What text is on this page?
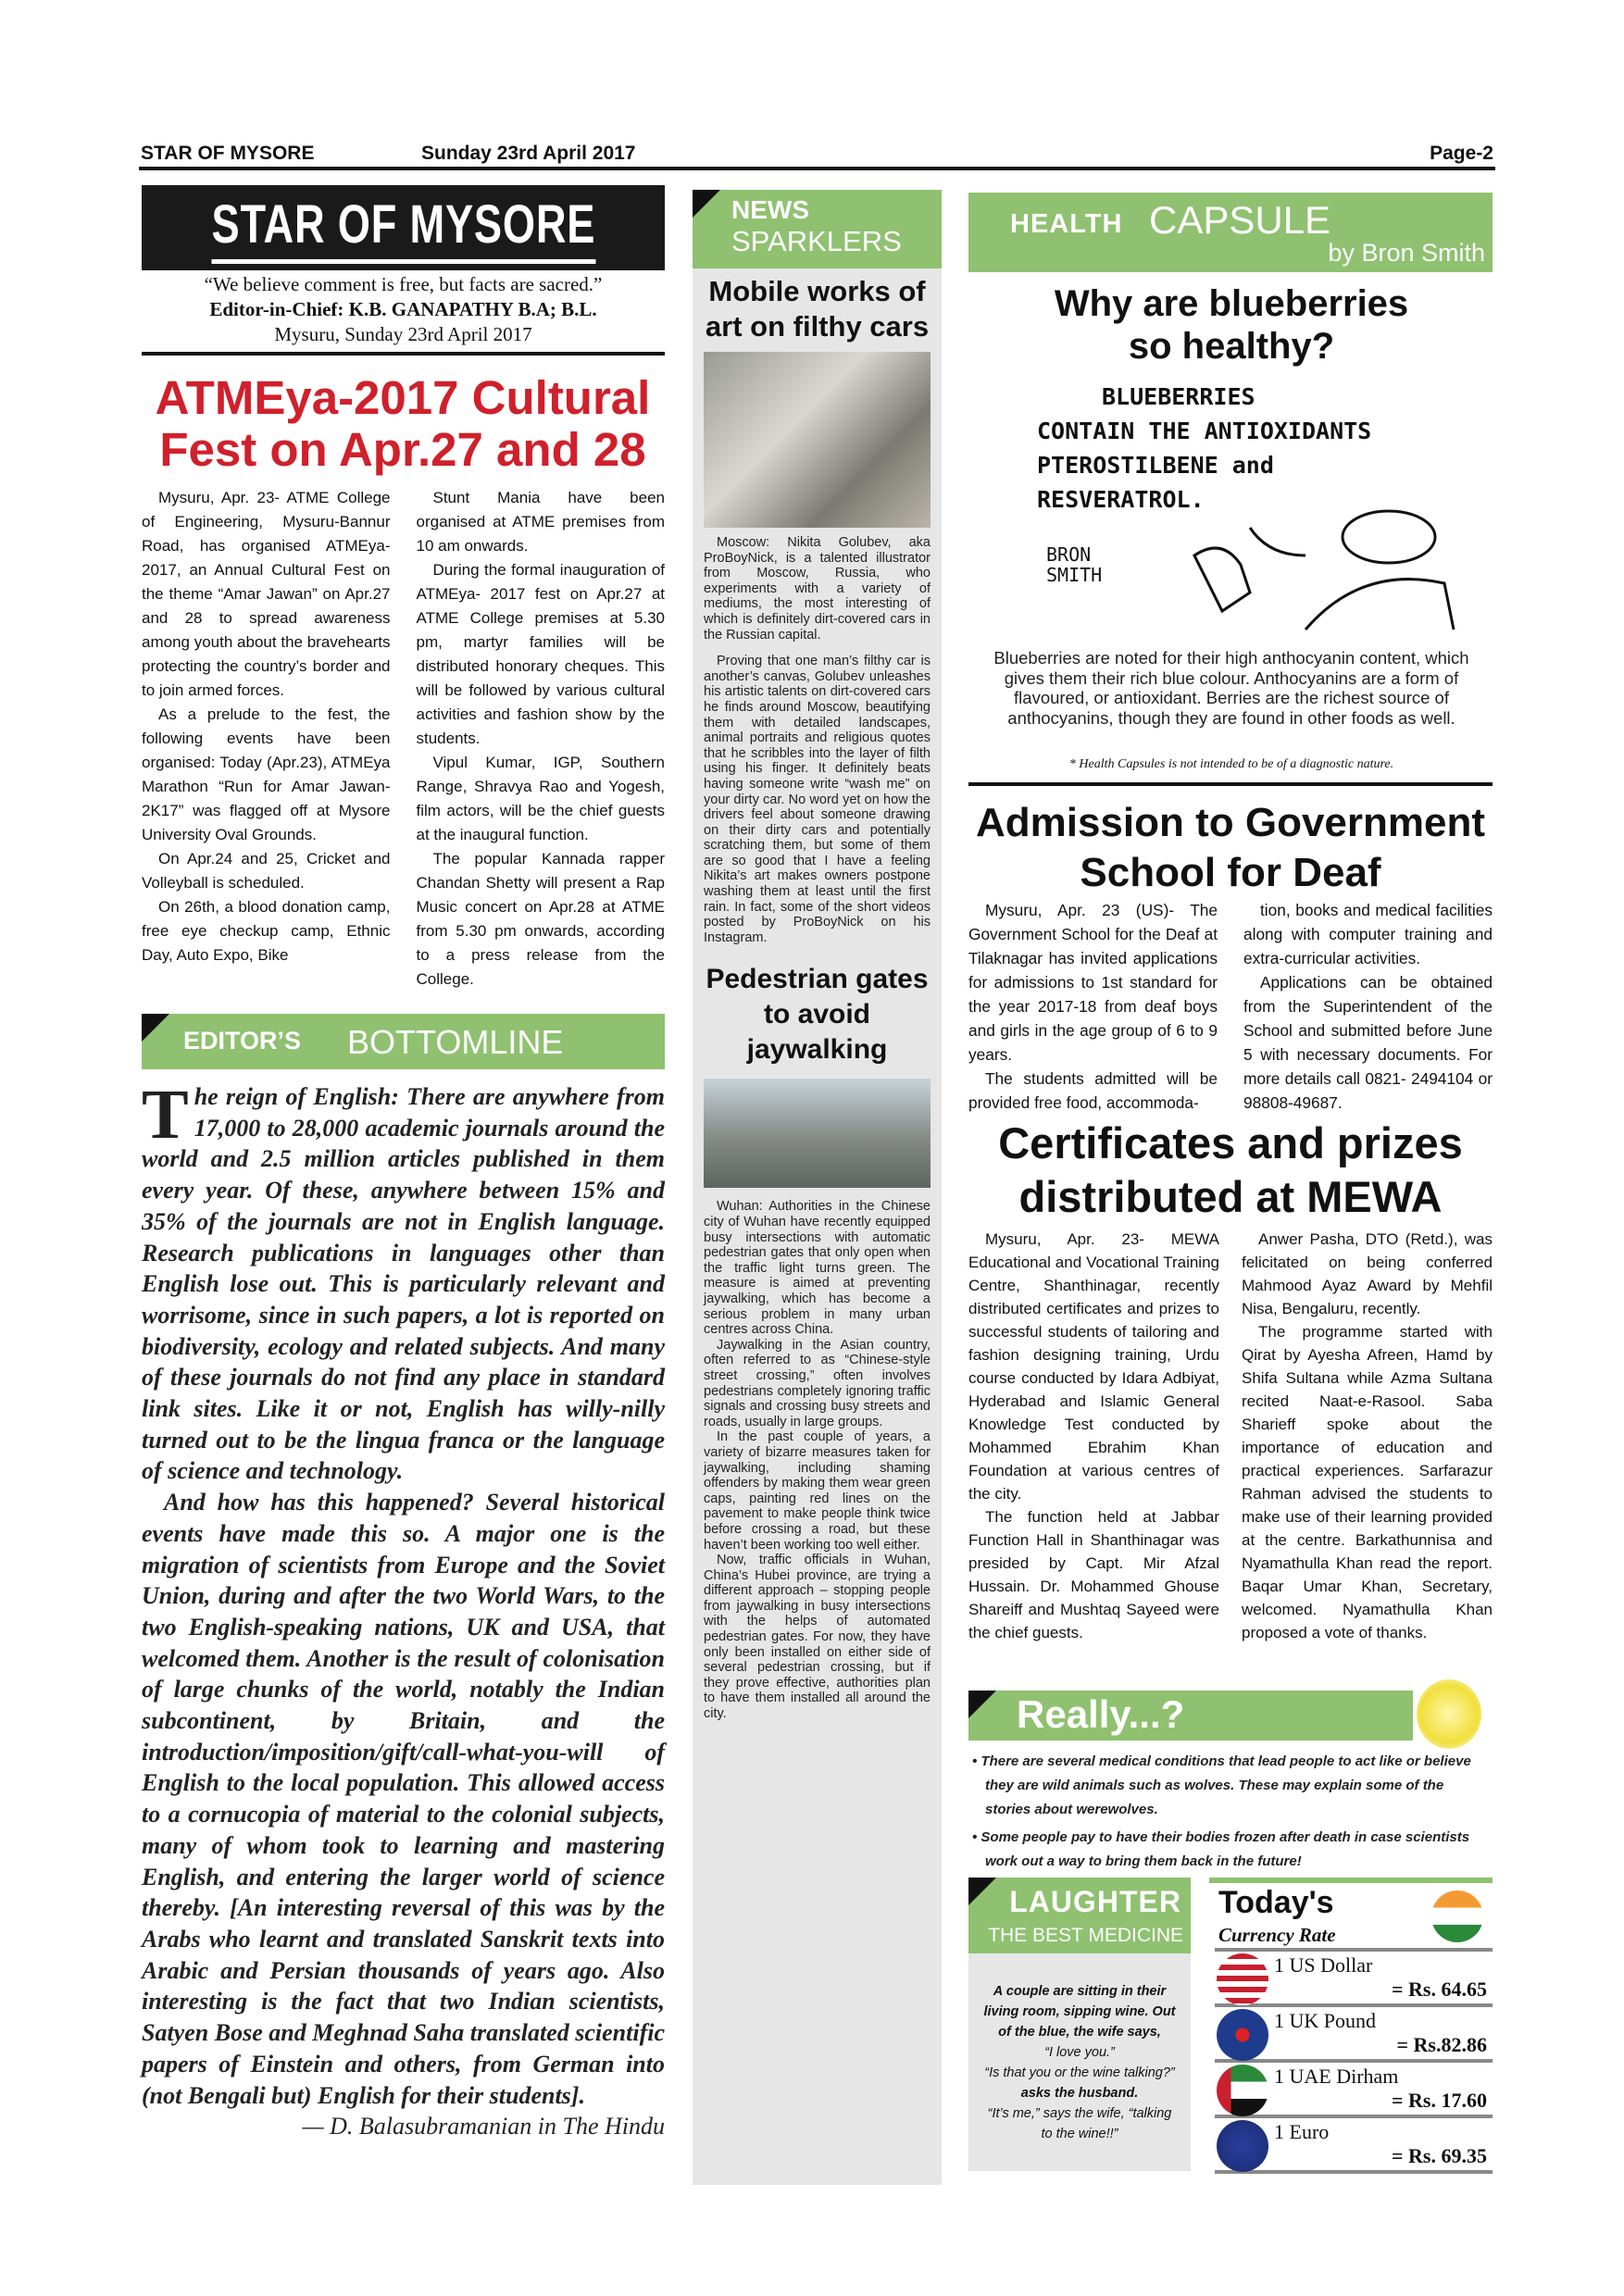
STAR OF MYSORE	Sunday 23rd April 2017	Page-2
STAR OF MYSORE
“We believe comment is free, but facts are sacred.”
Editor-in-Chief: K.B. GANAPATHY B.A; B.L.
Mysuru, Sunday 23rd April 2017
ATMEya-2017 Cultural Fest on Apr.27 and 28

Mysuru, Apr. 23- ATME College of Engineering, Mysuru-Bannur Road, has organised ATMEya-2017, an Annual Cultural Fest on the theme “Amar Jawan” on Apr.27 and 28 to spread awareness among youth about the bravehearts protecting the country’s border and to join armed forces.

As a prelude to the fest, the following events have been organised: Today (Apr.23), ATMEya Marathon “Run for Amar Jawan- 2K17” was flagged off at Mysore University Oval Grounds.

On Apr.24 and 25, Cricket and Volleyball is scheduled.

On 26th, a blood donation camp, free eye checkup camp, Ethnic Day, Auto Expo, Bike

Stunt Mania have been organised at ATME premises from 10 am onwards.

During the formal inauguration of ATMEya- 2017 fest on Apr.27 at ATME College premises at 5.30 pm, martyr families will be distributed honorary cheques. This will be followed by various cultural activities and fashion show by the students.

Vipul Kumar, IGP, Southern Range, Shravya Rao and Yogesh, film actors, will be the chief guests at the inaugural function.

The popular Kannada rapper Chandan Shetty will present a Rap Music concert on Apr.28 at ATME from 5.30 pm onwards, according to a press release from the College.

EDITOR’S BOTTOMLINE

The reign of English: There are anywhere from 17,000 to 28,000 academic journals around the world and 2.5 million articles published in them every year. Of these, anywhere between 15% and 35% of the journals are not in English language. Research publications in languages other than English lose out. This is particularly relevant and worrisome, since in such papers, a lot is reported on biodiversity, ecology and related subjects. And many of these journals do not find any place in standard link sites. Like it or not, English has willy-nilly turned out to be the lingua franca or the language of science and technology.

And how has this happened? Several historical events have made this so. A major one is the migration of scientists from Europe and the Soviet Union, during and after the two World Wars, to the two English-speaking nations, UK and USA, that welcomed them. Another is the result of colonisation of large chunks of the world, notably the Indian subcontinent, by Britain, and the introduction/imposition/gift/call-what-you-will of English to the local population. This allowed access to a cornucopia of material to the colonial subjects, many of whom took to learning and mastering English, and entering the larger world of science thereby. [An interesting reversal of this was by the Arabs who learnt and translated Sanskrit texts into Arabic and Persian thousands of years ago. Also interesting is the fact that two Indian scientists, Satyen Bose and Meghnad Saha translated scientific papers of Einstein and others, from German into (not Bengali but) English for their students].

— D. Balasubramanian in The Hindu

NEWS
SPARKLERS
Mobile works of art on filthy cars

Moscow: Nikita Golubev, aka ProBoyNick, is a talented illustrator from Moscow, Russia, who experiments with a variety of mediums, the most interesting of which is definitely dirt-covered cars in the Russian capital.

Proving that one man’s filthy car is another’s canvas, Golubev unleashes his artistic talents on dirt-covered cars he finds around Moscow, beautifying them with detailed landscapes, animal portraits and religious quotes that he scribbles into the layer of filth using his finger. It definitely beats having someone write “wash me” on your dirty car. No word yet on how the drivers feel about someone drawing on their dirty cars and potentially scratching them, but some of them are so good that I have a feeling Nikita’s art makes owners postpone washing them at least until the first rain. In fact, some of the short videos posted by ProBoyNick on his Instagram.

Pedestrian gates to avoid jaywalking

Wuhan: Authorities in the Chinese city of Wuhan have recently equipped busy intersections with automatic pedestrian gates that only open when the traffic light turns green. The measure is aimed at preventing jaywalking, which has become a serious problem in many urban centres across China.

Jaywalking in the Asian country, often referred to as “Chinese-style street crossing,” often involves pedestrians completely ignoring traffic signals and crossing busy streets and roads, usually in large groups.

In the past couple of years, a variety of bizarre measures taken for jaywalking, including shaming offenders by making them wear green caps, painting red lines on the pavement to make people think twice before crossing a road, but these haven’t been working too well either.

Now, traffic officials in Wuhan, China’s Hubei province, are trying a different approach – stopping people from jaywalking in busy intersections with the helps of automated pedestrian gates. For now, they have only been installed on either side of several pedestrian crossing, but if they prove effective, authorities plan to have them installed all around the city.

HEALTH CAPSULE
by Bron Smith
Why are blueberries so healthy?
BLUEBERRIES
CONTAIN THE ANTIOXIDANTS
PTEROSTILBENE and
RESVERATROL.
BRON SMITH
Blueberries are noted for their high anthocyanin content, which gives them their rich blue colour. Anthocyanins are a form of flavoured, or antioxidant. Berries are the richest source of anthocyanins, though they are found in other foods as well.
* Health Capsules is not intended to be of a diagnostic nature.
Admission to Government School for Deaf

Mysuru, Apr. 23 (US)- The Government School for the Deaf at Tilaknagar has invited applications for admissions to 1st standard for the year 2017-18 from deaf boys and girls in the age group of 6 to 9 years.

The students admitted will be provided free food, accommoda-

tion, books and medical facilities along with computer training and extra-curricular activities.

Applications can be obtained from the Superintendent of the School and submitted before June 5 with necessary documents. For more details call 0821- 2494104 or 98808-49687.

Certificates and prizes distributed at MEWA

Mysuru, Apr. 23- MEWA Educational and Vocational Training Centre, Shanthinagar, recently distributed certificates and prizes to successful students of tailoring and fashion designing training, Urdu course conducted by Idara Adbiyat, Hyderabad and Islamic General Knowledge Test conducted by Mohammed Ebrahim Khan Foundation at various centres of the city.

The function held at Jabbar Function Hall in Shanthinagar was presided by Capt. Mir Afzal Hussain. Dr. Mohammed Ghouse Shareiff and Mushtaq Sayeed were the chief guests.

Anwer Pasha, DTO (Retd.), was felicitated on being conferred Mahmood Ayaz Award by Mehfil Nisa, Bengaluru, recently.

The programme started with Qirat by Ayesha Afreen, Hamd by Shifa Sultana while Azma Sultana recited Naat-e-Rasool. Saba Sharieff spoke about the importance of education and practical experiences. Sarfarazur Rahman advised the students to make use of their learning provided at the centre. Barkathunnisa and Nyamathulla Khan read the report. Baqar Umar Khan, Secretary, welcomed. Nyamathulla Khan proposed a vote of thanks.

Really...?
• There are several medical conditions that lead people to act like or believe they are wild animals such as wolves. These may explain some of the stories about werewolves.
• Some people pay to have their bodies frozen after death in case scientists work out a way to bring them back in the future!
LAUGHTER
THE BEST MEDICINE
A couple are sitting in their living room, sipping wine. Out of the blue, the wife says,
“I love you.”
“Is that you or the wine talking?”
asks the husband.
“It’s me,” says the wife, “talking to the wine!!”
Today's
Currency Rate
1 US Dollar
= Rs. 64.65
1 UK Pound
= Rs.82.86
1 UAE Dirham
= Rs. 17.60
1 Euro
= Rs. 69.35
